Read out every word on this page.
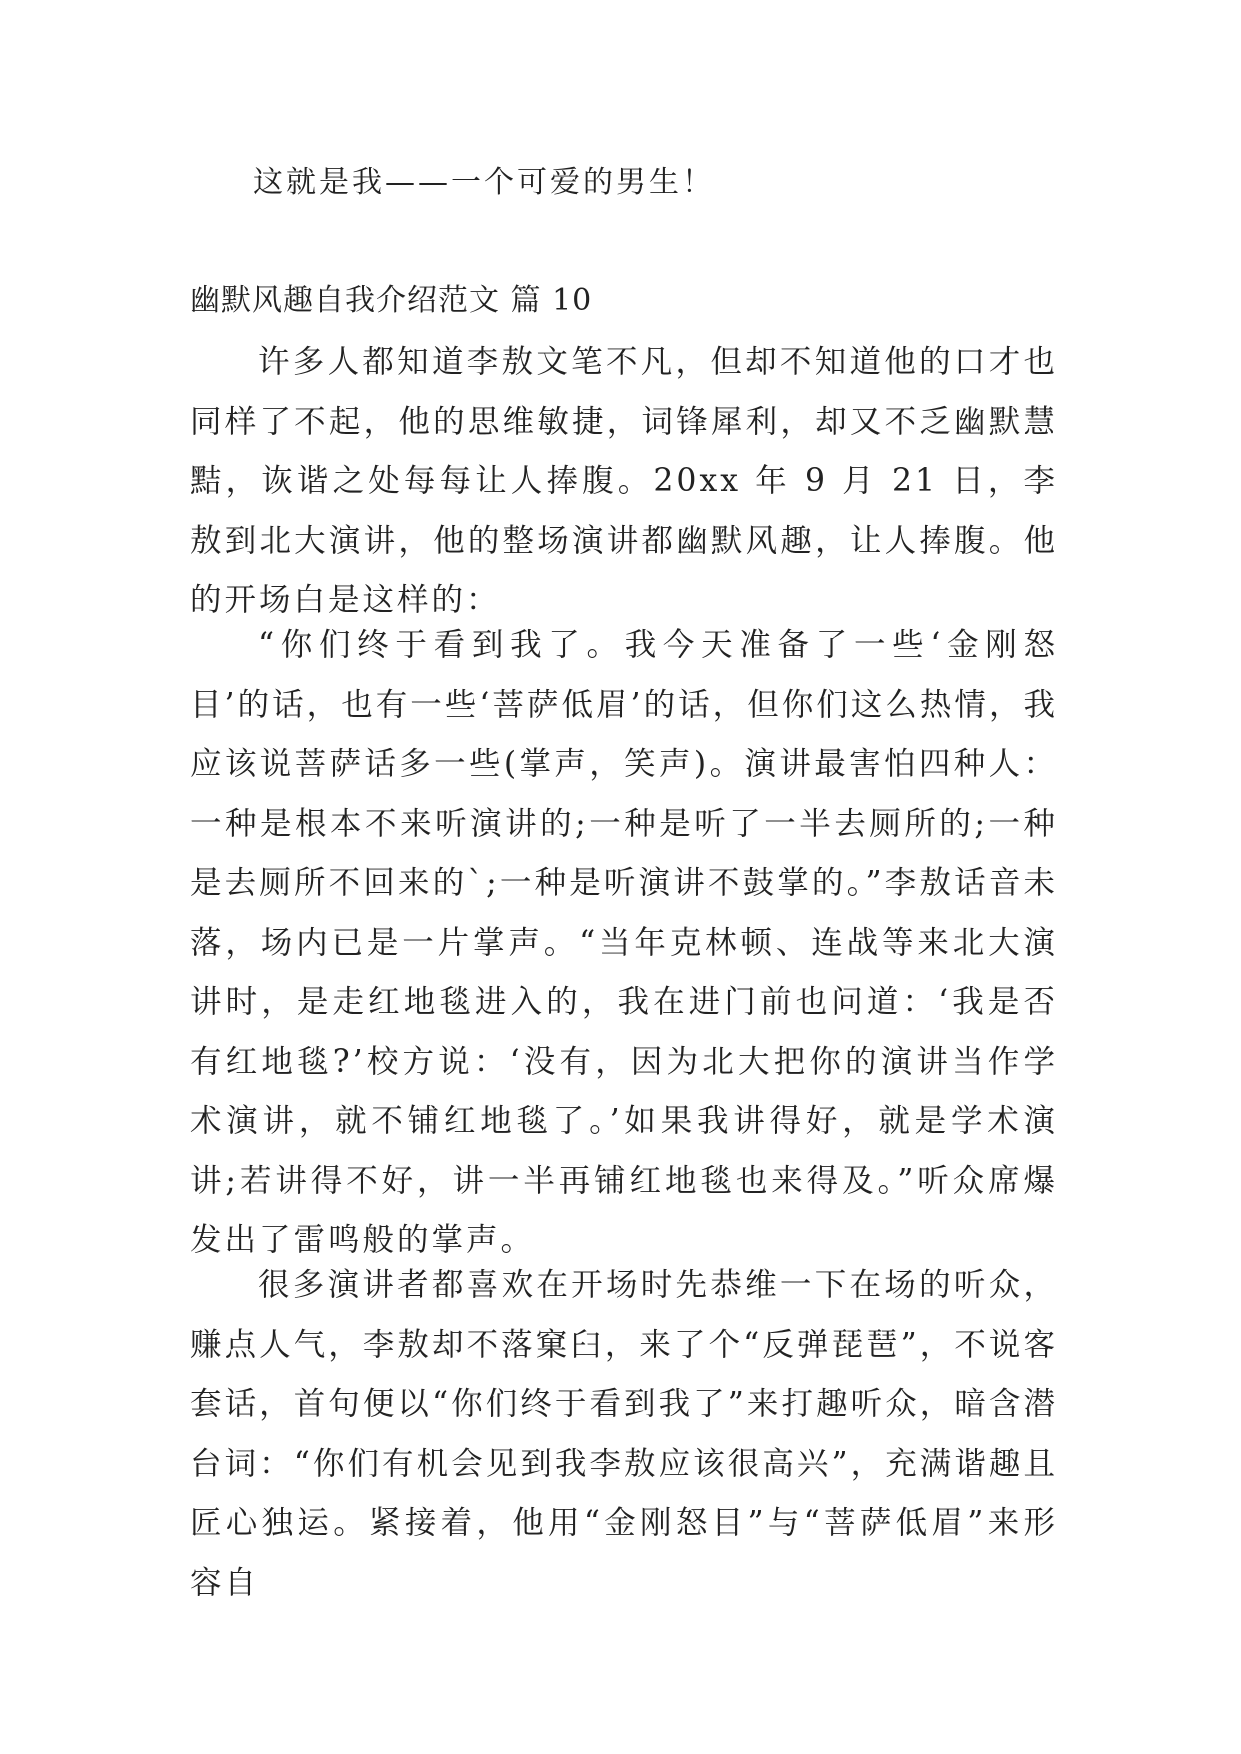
这就是我——一个可爱的男生！

幽默风趣自我介绍范文 篇 10

许多人都知道李敖文笔不凡，但却不知道他的口才也同样了不起，他的思维敏捷，词锋犀利，却又不乏幽默慧黠，诙谐之处每每让人捧腹。20xx 年 9 月 21 日，李敖到北大演讲，他的整场演讲都幽默风趣，让人捧腹。他的开场白是这样的：

“你们终于看到我了。我今天准备了一些‘金刚怒目’的话，也有一些‘菩萨低眉’的话，但你们这么热情，我应该说菩萨话多一些(掌声，笑声)。演讲最害怕四种人：一种是根本不来听演讲的;一种是听了一半去厕所的;一种是去厕所不回来的`;一种是听演讲不鼓掌的。”李敖话音未落，场内已是一片掌声。“当年克林顿、连战等来北大演讲时，是走红地毯进入的，我在进门前也问道：‘我是否有红地毯?’校方说：‘没有，因为北大把你的演讲当作学术演讲，就不铺红地毯了。’如果我讲得好，就是学术演讲;若讲得不好，讲一半再铺红地毯也来得及。”听众席爆发出了雷鸣般的掌声。

很多演讲者都喜欢在开场时先恭维一下在场的听众，赚点人气，李敖却不落窠臼，来了个“反弹琵琶”，不说客套话，首句便以“你们终于看到我了”来打趣听众，暗含潜台词：“你们有机会见到我李敖应该很高兴”，充满谐趣且匠心独运。紧接着，他用“金刚怒目”与“菩萨低眉”来形容自
